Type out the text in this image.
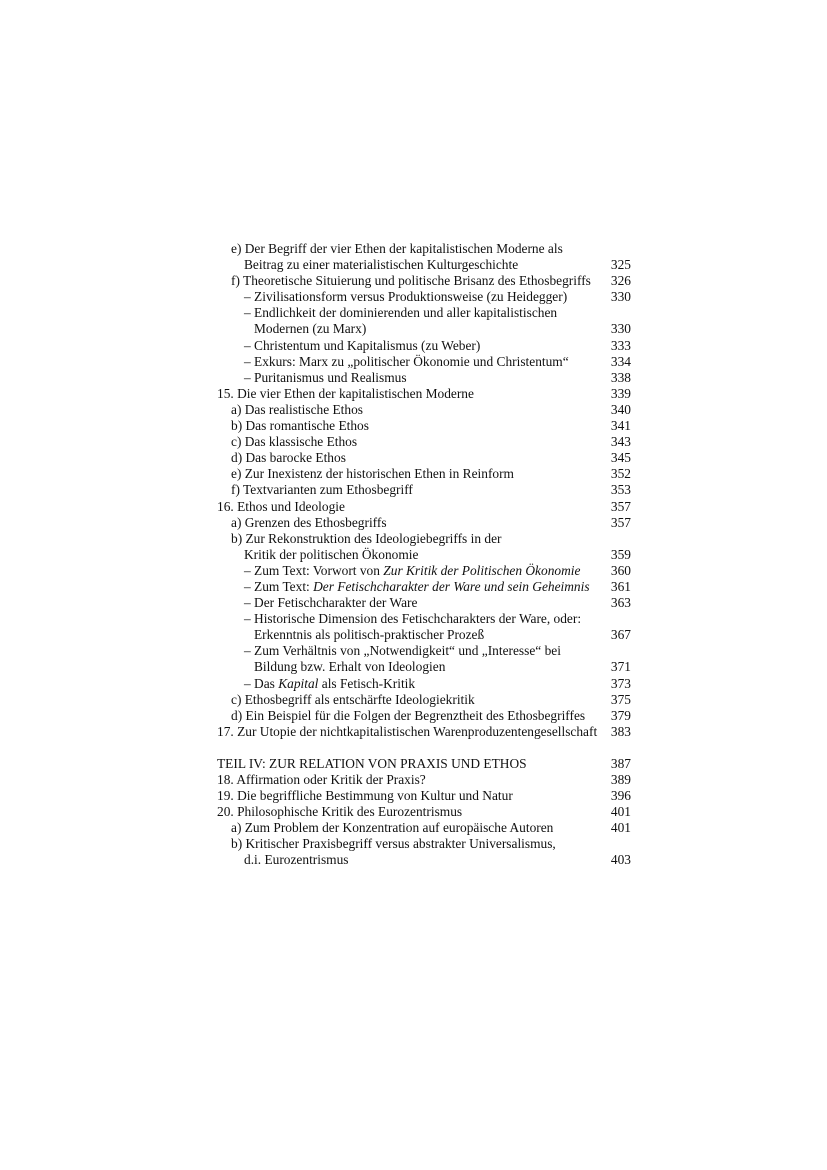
e) Der Begriff der vier Ethen der kapitalistischen Moderne als
Beitrag zu einer materialistischen Kulturgeschichte	325
f) Theoretische Situierung und politische Brisanz des Ethosbegriffs	326
– Zivilisationsform versus Produktionsweise (zu Heidegger)	330
– Endlichkeit der dominierenden und aller kapitalistischen
Modernen (zu Marx)	330
– Christentum und Kapitalismus (zu Weber)	333
– Exkurs: Marx zu „politischer Ökonomie und Christentum“	334
– Puritanismus und Realismus	338
15. Die vier Ethen der kapitalistischen Moderne	339
a) Das realistische Ethos	340
b) Das romantische Ethos	341
c) Das klassische Ethos	343
d) Das barocke Ethos	345
e) Zur Inexistenz der historischen Ethen in Reinform	352
f) Textvarianten zum Ethosbegriff	353
16. Ethos und Ideologie	357
a) Grenzen des Ethosbegriffs	357
b) Zur Rekonstruktion des Ideologiebegriffs in der
Kritik der politischen Ökonomie	359
– Zum Text: Vorwort von Zur Kritik der Politischen Ökonomie	360
– Zum Text: Der Fetischcharakter der Ware und sein Geheimnis	361
– Der Fetischcharakter der Ware	363
– Historische Dimension des Fetischcharakters der Ware, oder:
Erkenntnis als politisch-praktischer Prozeß	367
– Zum Verhältnis von „Notwendigkeit“ und „Interesse“ bei
Bildung bzw. Erhalt von Ideologien	371
– Das Kapital als Fetisch-Kritik	373
c) Ethosbegriff als entschärfte Ideologiekritik	375
d) Ein Beispiel für die Folgen der Begrenztheit des Ethosbegriffes	379
17. Zur Utopie der nichtkapitalistischen Warenproduzentengesellschaft	383
TEIL IV: ZUR RELATION VON PRAXIS UND ETHOS	387
18. Affirmation oder Kritik der Praxis?	389
19. Die begriffliche Bestimmung von Kultur und Natur	396
20. Philosophische Kritik des Eurozentrismus	401
a) Zum Problem der Konzentration auf europäische Autoren	401
b) Kritischer Praxisbegriff versus abstrakter Universalismus,
d.i. Eurozentrismus	403
